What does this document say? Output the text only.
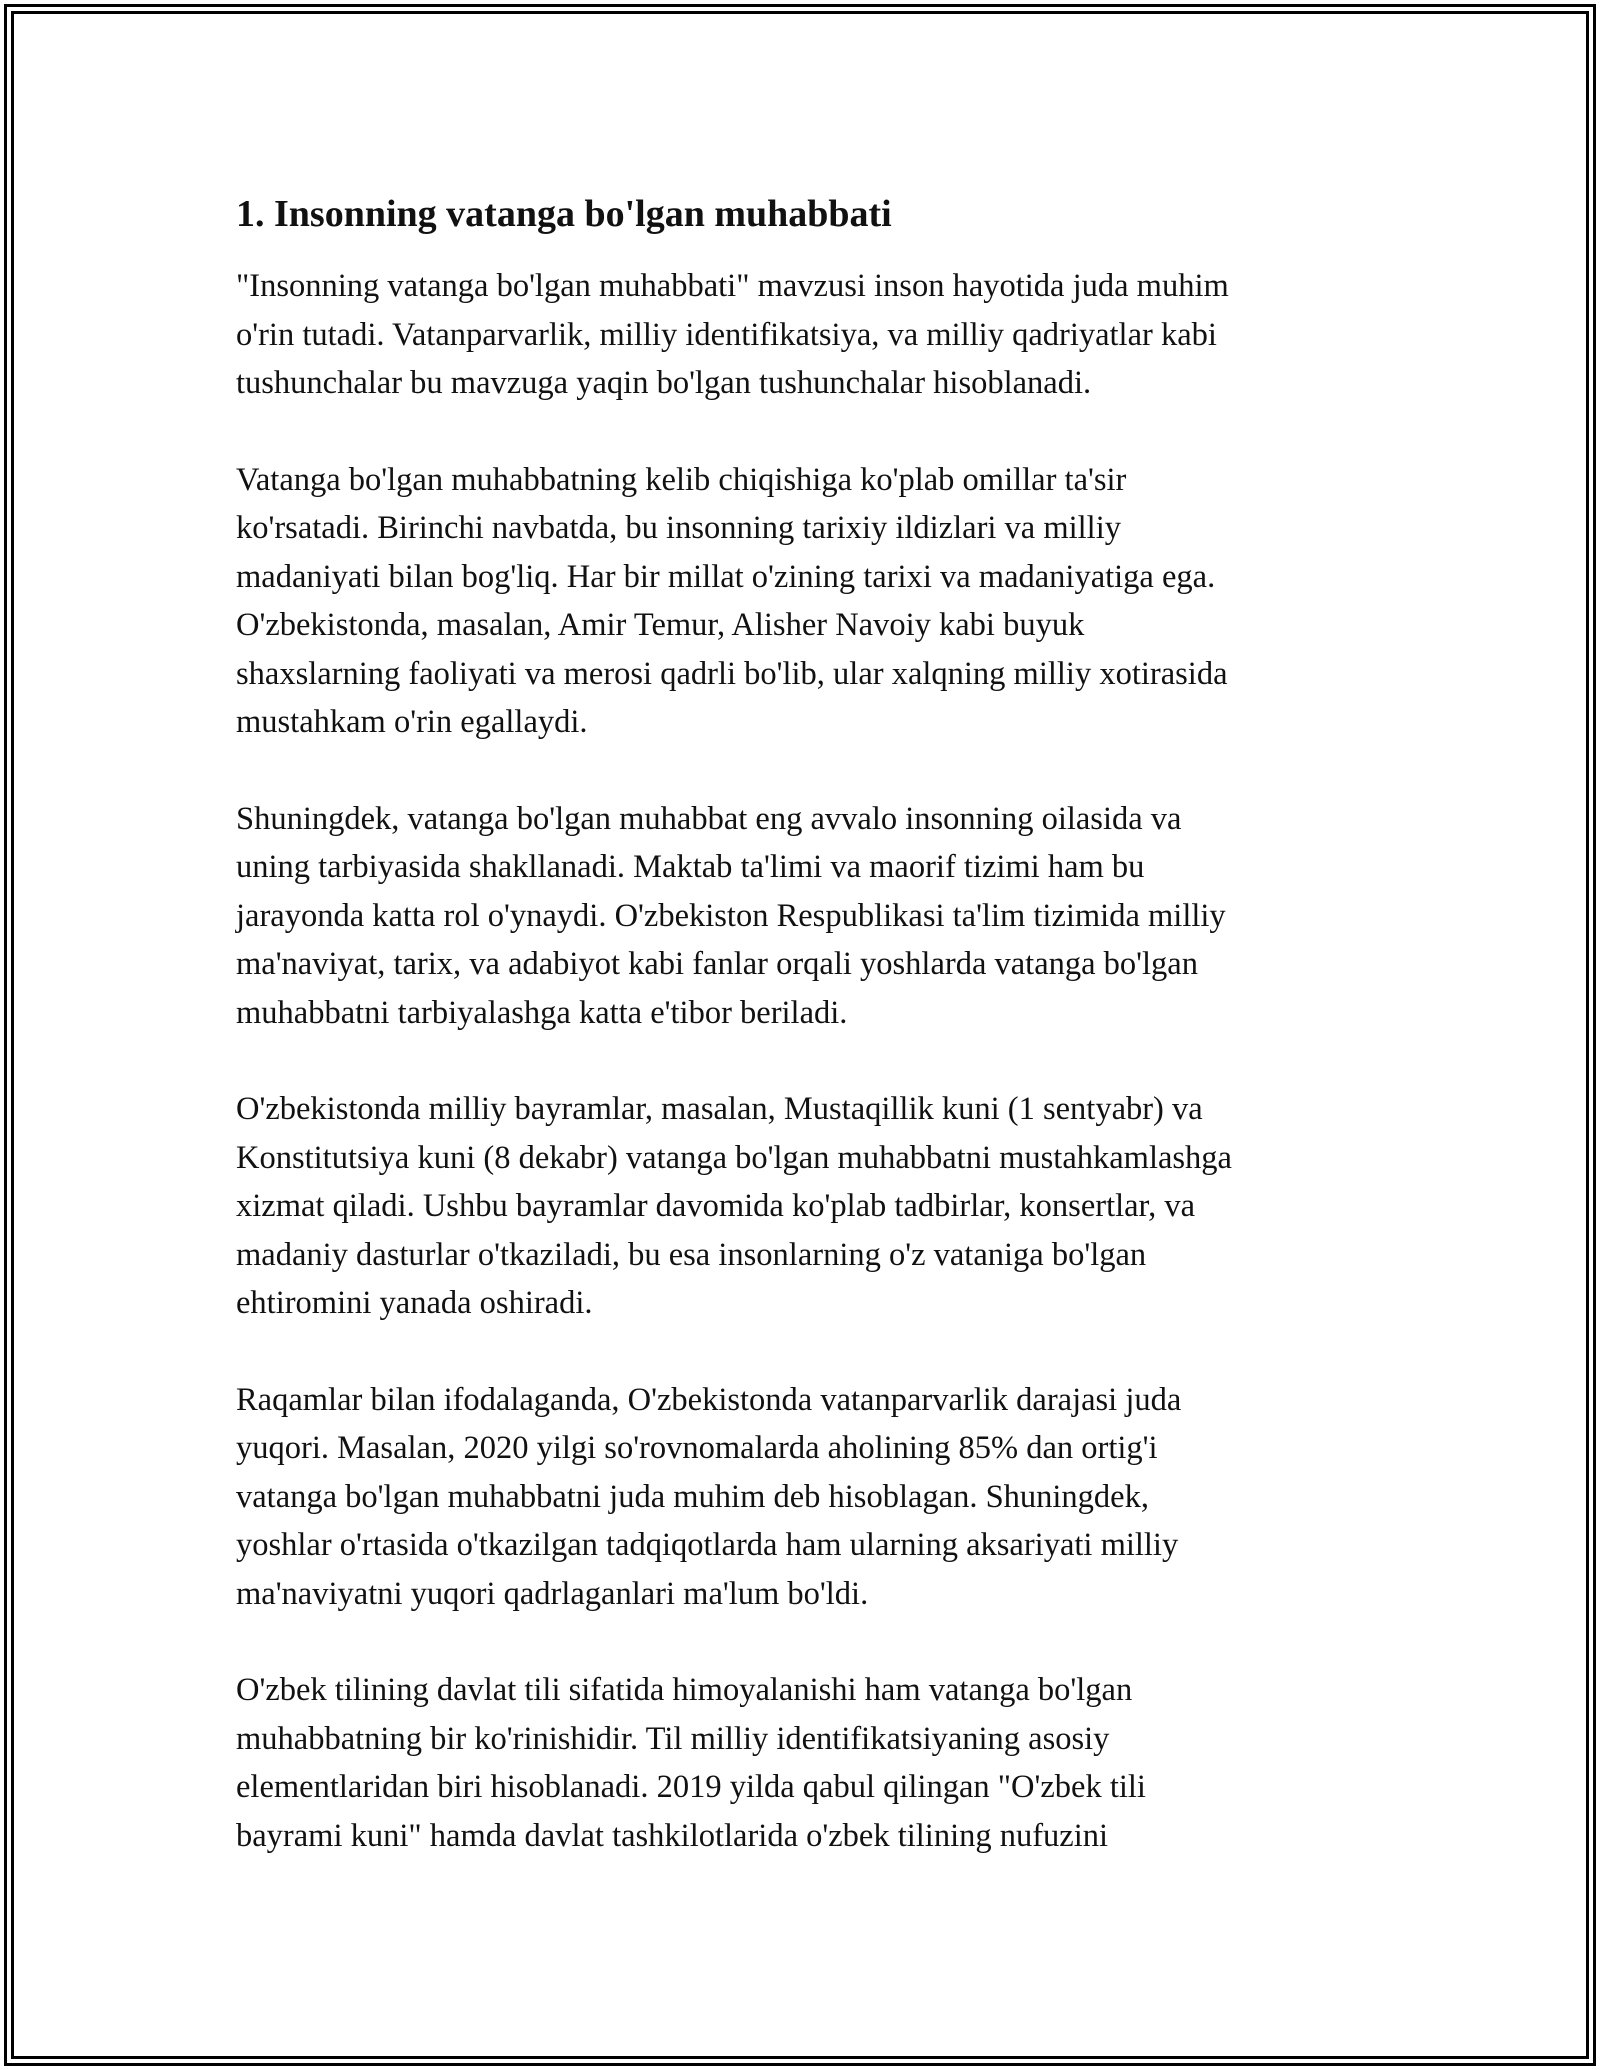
1. Insonning vatanga bo'lgan muhabbati

"Insonning vatanga bo'lgan muhabbati" mavzusi inson hayotida juda muhim
o'rin tutadi. Vatanparvarlik, milliy identifikatsiya, va milliy qadriyatlar kabi
tushunchalar bu mavzuga yaqin bo'lgan tushunchalar hisoblanadi.

Vatanga bo'lgan muhabbatning kelib chiqishiga ko'plab omillar ta'sir
ko'rsatadi. Birinchi navbatda, bu insonning tarixiy ildizlari va milliy
madaniyati bilan bog'liq. Har bir millat o'zining tarixi va madaniyatiga ega.
O'zbekistonda, masalan, Amir Temur, Alisher Navoiy kabi buyuk
shaxslarning faoliyati va merosi qadrli bo'lib, ular xalqning milliy xotirasida
mustahkam o'rin egallaydi.

Shuningdek, vatanga bo'lgan muhabbat eng avvalo insonning oilasida va
uning tarbiyasida shakllanadi. Maktab ta'limi va maorif tizimi ham bu
jarayonda katta rol o'ynaydi. O'zbekiston Respublikasi ta'lim tizimida milliy
ma'naviyat, tarix, va adabiyot kabi fanlar orqali yoshlarda vatanga bo'lgan
muhabbatni tarbiyalashga katta e'tibor beriladi.

O'zbekistonda milliy bayramlar, masalan, Mustaqillik kuni (1 sentyabr) va
Konstitutsiya kuni (8 dekabr) vatanga bo'lgan muhabbatni mustahkamlashga
xizmat qiladi. Ushbu bayramlar davomida ko'plab tadbirlar, konsertlar, va
madaniy dasturlar o'tkaziladi, bu esa insonlarning o'z vataniga bo'lgan
ehtiromini yanada oshiradi.

Raqamlar bilan ifodalaganda, O'zbekistonda vatanparvarlik darajasi juda
yuqori. Masalan, 2020 yilgi so'rovnomalarda aholining 85% dan ortig'i
vatanga bo'lgan muhabbatni juda muhim deb hisoblagan. Shuningdek,
yoshlar o'rtasida o'tkazilgan tadqiqotlarda ham ularning aksariyati milliy
ma'naviyatni yuqori qadrlaganlari ma'lum bo'ldi.

O'zbek tilining davlat tili sifatida himoyalanishi ham vatanga bo'lgan
muhabbatning bir ko'rinishidir. Til milliy identifikatsiyaning asosiy
elementlaridan biri hisoblanadi. 2019 yilda qabul qilingan "O'zbek tili
bayrami kuni" hamda davlat tashkilotlarida o'zbek tilining nufuzini
